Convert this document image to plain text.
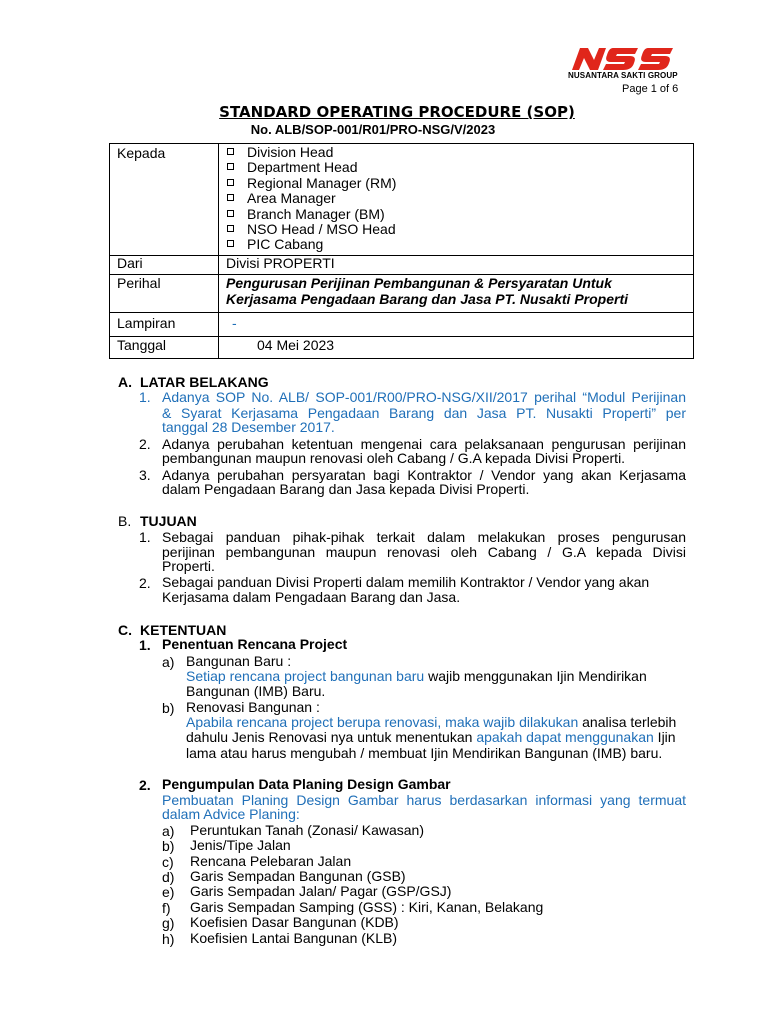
NUSANTARA SAKTI GROUP
Page 1 of 6
STANDARD OPERATING PROCEDURE (SOP)
No. ALB/SOP-001/R01/PRO-NSG/V/2023
Kepada	Division Head
Department Head
Regional Manager (RM)
Area Manager
Branch Manager (BM)
NSO Head / MSO Head
PIC Cabang
Dari	Divisi PROPERTI
Perihal	Pengurusan Perijinan Pembangunan & Persyaratan Untuk
Kerjasama Pengadaan Barang dan Jasa PT. Nusakti Properti
Lampiran	-
Tanggal	04 Mei 2023
A. LATAR BELAKANG
1. Adanya SOP No. ALB/ SOP-001/R00/PRO-NSG/XII/2017 perihal “Modul Perijinan
& Syarat Kerjasama Pengadaan Barang dan Jasa PT. Nusakti Properti” per
tanggal 28 Desember 2017.
2. Adanya perubahan ketentuan mengenai cara pelaksanaan pengurusan perijinan
pembangunan maupun renovasi oleh Cabang / G.A kepada Divisi Properti.
3. Adanya perubahan persyaratan bagi Kontraktor / Vendor yang akan Kerjasama
dalam Pengadaan Barang dan Jasa kepada Divisi Properti.
B. TUJUAN
1. Sebagai panduan pihak-pihak terkait dalam melakukan proses pengurusan
perijinan pembangunan maupun renovasi oleh Cabang / G.A kepada Divisi
Properti.
2. Sebagai panduan Divisi Properti dalam memilih Kontraktor / Vendor yang akan
Kerjasama dalam Pengadaan Barang dan Jasa.
C. KETENTUAN
1. Penentuan Rencana Project
a) Bangunan Baru :
Setiap rencana project bangunan baru wajib menggunakan Ijin Mendirikan
Bangunan (IMB) Baru.
b) Renovasi Bangunan :
Apabila rencana project berupa renovasi, maka wajib dilakukan analisa terlebih
dahulu Jenis Renovasi nya untuk menentukan apakah dapat menggunakan Ijin
lama atau harus mengubah / membuat Ijin Mendirikan Bangunan (IMB) baru.
2. Pengumpulan Data Planing Design Gambar
Pembuatan Planing Design Gambar harus berdasarkan informasi yang termuat
dalam Advice Planing:
a) Peruntukan Tanah (Zonasi/ Kawasan)
b) Jenis/Tipe Jalan
c) Rencana Pelebaran Jalan
d) Garis Sempadan Bangunan (GSB)
e) Garis Sempadan Jalan/ Pagar (GSP/GSJ)
f) Garis Sempadan Samping (GSS) : Kiri, Kanan, Belakang
g) Koefisien Dasar Bangunan (KDB)
h) Koefisien Lantai Bangunan (KLB)
